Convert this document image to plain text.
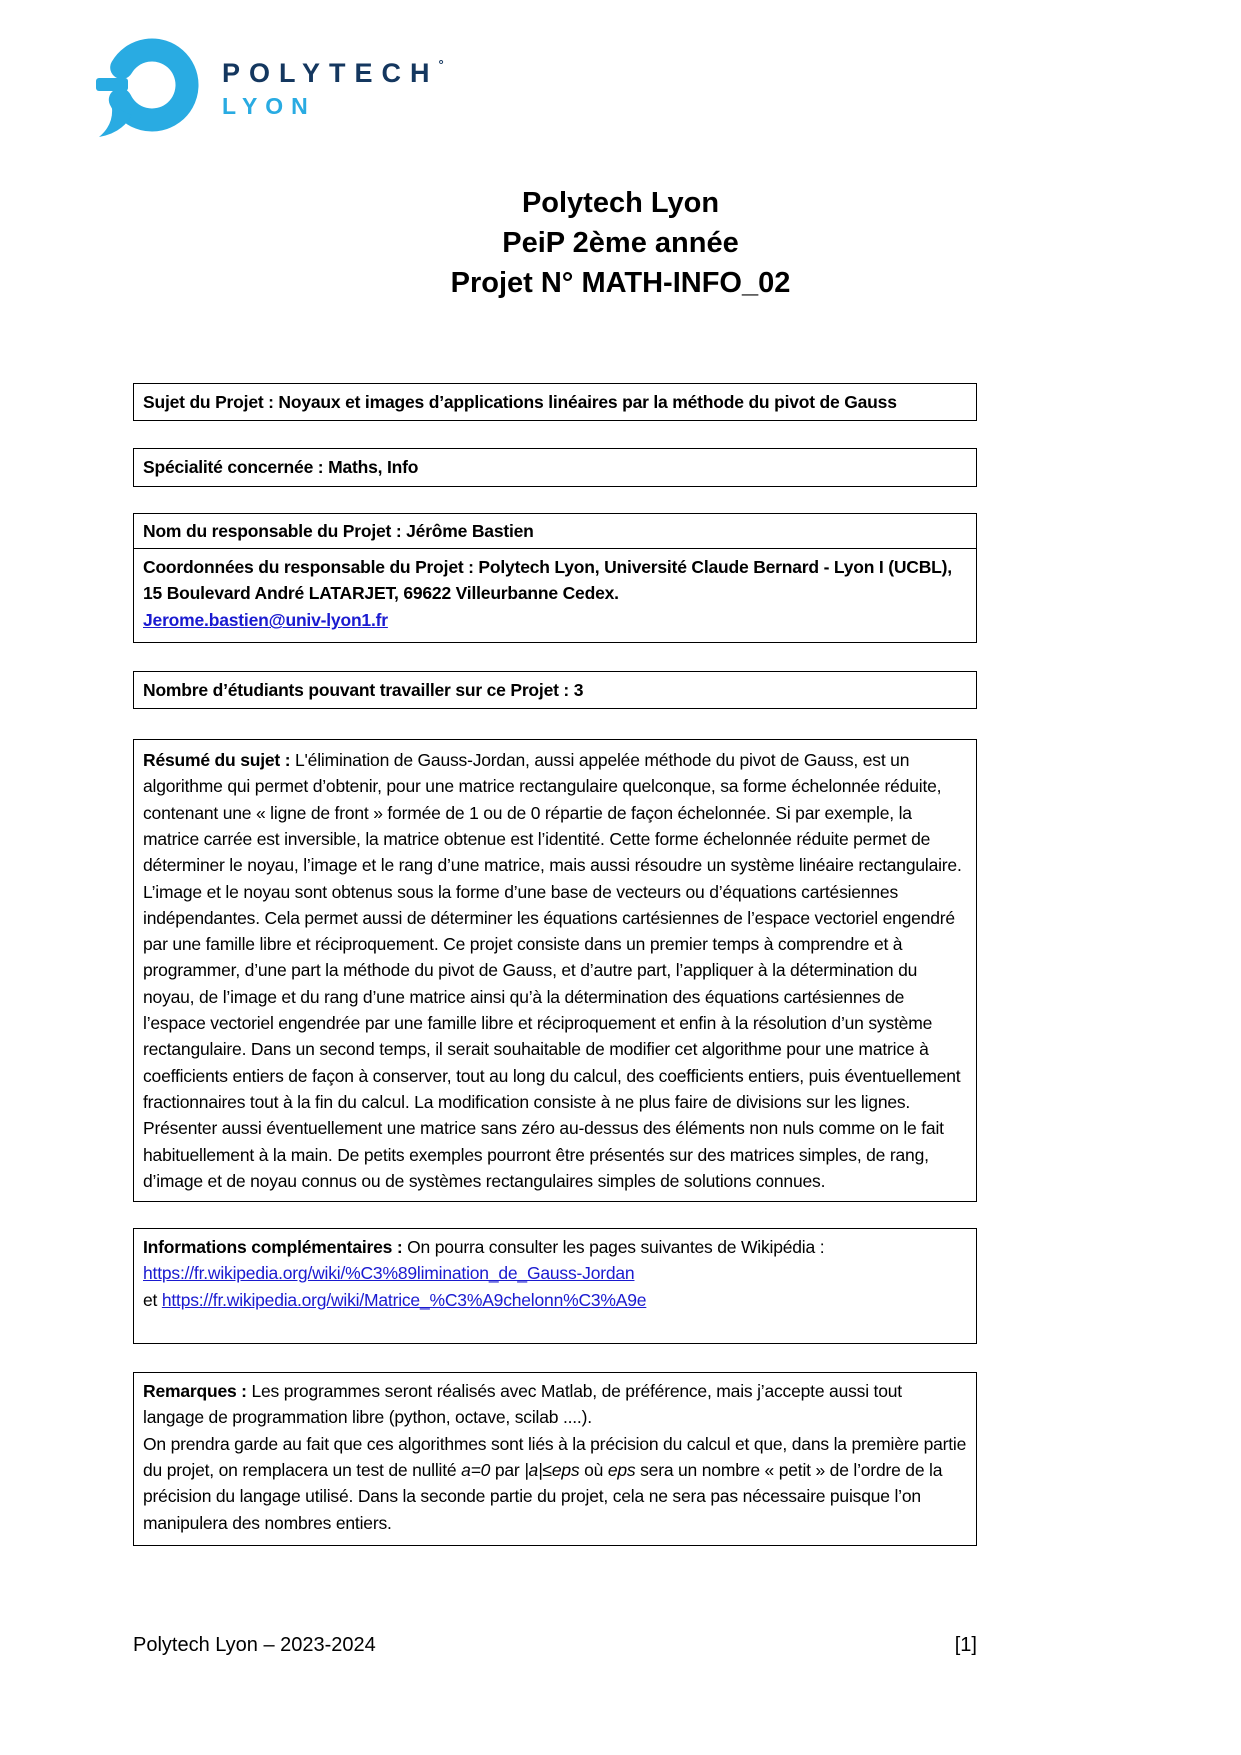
POLYTECH°
LYON
Polytech Lyon
PeiP 2ème année
Projet N° MATH-INFO_02
Sujet du Projet : Noyaux et images d’applications linéaires par la méthode du pivot de Gauss
Spécialité concernée : Maths, Info
Nom du responsable du Projet : Jérôme Bastien
Coordonnées du responsable du Projet : Polytech Lyon, Université Claude Bernard - Lyon I (UCBL), 15 Boulevard André LATARJET, 69622 Villeurbanne Cedex.
Jerome.bastien@univ-lyon1.fr
Nombre d’étudiants pouvant travailler sur ce Projet : 3
Résumé du sujet : L'élimination de Gauss-Jordan, aussi appelée méthode du pivot de Gauss, est un algorithme qui permet d’obtenir, pour une matrice rectangulaire quelconque, sa forme échelonnée réduite, contenant une « ligne de front » formée de 1 ou de 0 répartie de façon échelonnée. Si par exemple, la matrice carrée est inversible, la matrice obtenue est l’identité. Cette forme échelonnée réduite permet de déterminer le noyau, l’image et le rang d’une matrice, mais aussi résoudre un système linéaire rectangulaire. L’image et le noyau sont obtenus sous la forme d’une base de vecteurs ou d’équations cartésiennes indépendantes. Cela permet aussi de déterminer les équations cartésiennes de l’espace vectoriel engendré par une famille libre et réciproquement. Ce projet consiste dans un premier temps à comprendre et à programmer, d’une part la méthode du pivot de Gauss, et d’autre part, l’appliquer à la détermination du noyau, de l’image et du rang d’une matrice ainsi qu’à la détermination des équations cartésiennes de l’espace vectoriel engendrée par une famille libre et réciproquement et enfin à la résolution d’un système rectangulaire. Dans un second temps, il serait souhaitable de modifier cet algorithme pour une matrice à coefficients entiers de façon à conserver, tout au long du calcul, des coefficients entiers, puis éventuellement fractionnaires tout à la fin du calcul. La modification consiste à ne plus faire de divisions sur les lignes. Présenter aussi éventuellement une matrice sans zéro au-dessus des éléments non nuls comme on le fait habituellement à la main. De petits exemples pourront être présentés sur des matrices simples, de rang, d’image et de noyau connus ou de systèmes rectangulaires simples de solutions connues.
Informations complémentaires : On pourra consulter les pages suivantes de Wikipédia :
https://fr.wikipedia.org/wiki/%C3%89limination_de_Gauss-Jordan
et https://fr.wikipedia.org/wiki/Matrice_%C3%A9chelonn%C3%A9e
Remarques : Les programmes seront réalisés avec Matlab, de préférence, mais j’accepte aussi tout langage de programmation libre (python, octave, scilab ....).
On prendra garde au fait que ces algorithmes sont liés à la précision du calcul et que, dans la première partie du projet, on remplacera un test de nullité a=0 par |a|≤eps où eps sera un nombre « petit » de l’ordre de la précision du langage utilisé. Dans la seconde partie du projet, cela ne sera pas nécessaire puisque l’on manipulera des nombres entiers.
Polytech Lyon – 2023-2024	[1]
